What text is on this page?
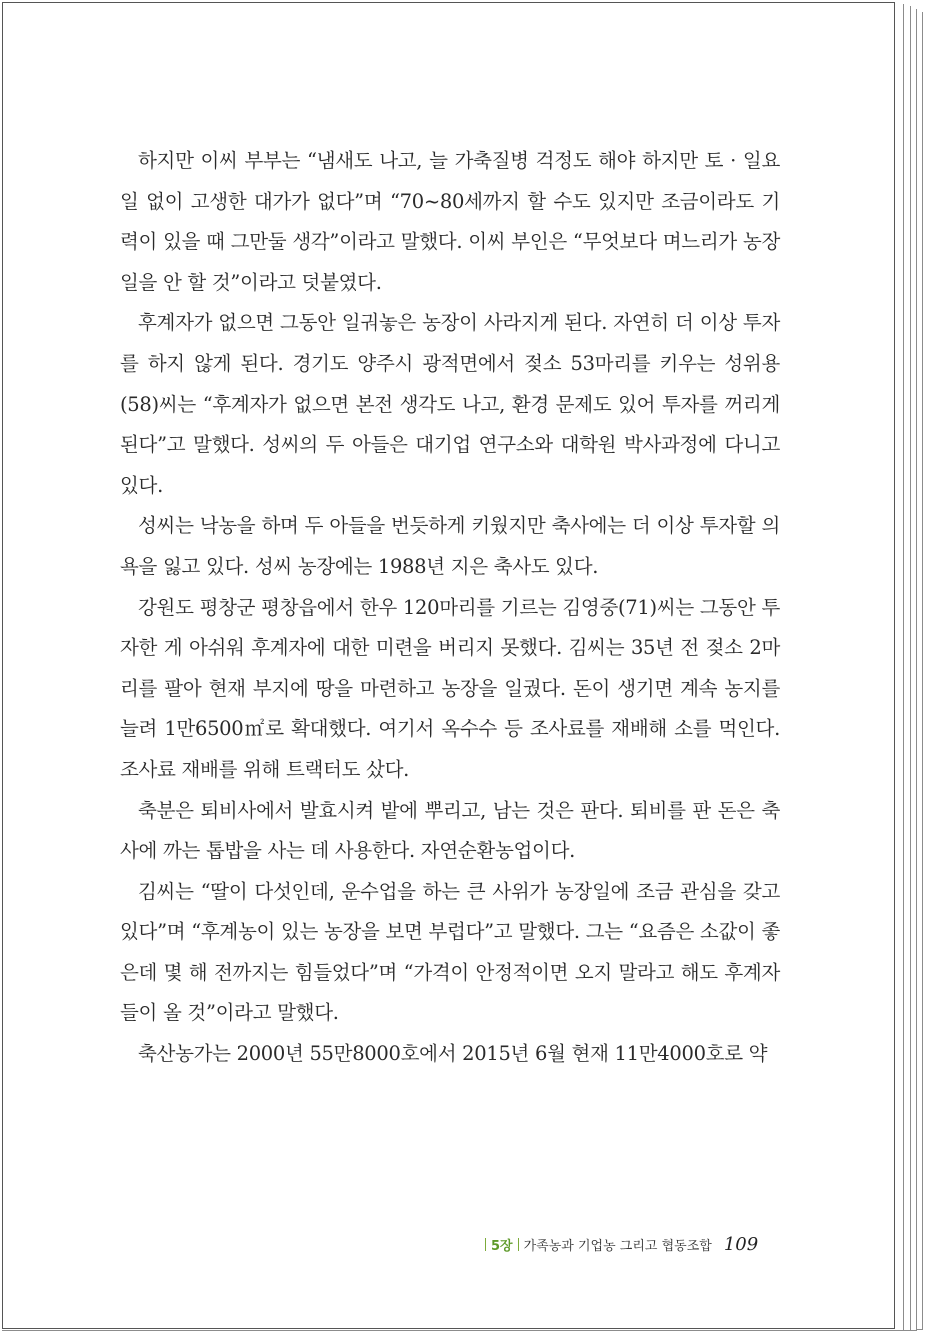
하지만 이씨 부부는 “냄새도 나고, 늘 가축질병 걱정도 해야 하지만 토 · 일요일 없이 고생한 대가가 없다”며 “70~80세까지 할 수도 있지만 조금이라도 기력이 있을 때 그만둘 생각”이라고 말했다. 이씨 부인은 “무엇보다 며느리가 농장 일을 안 할 것”이라고 덧붙였다.

후계자가 없으면 그동안 일궈놓은 농장이 사라지게 된다. 자연히 더 이상 투자를 하지 않게 된다. 경기도 양주시 광적면에서 젖소 53마리를 키우는 성위용(58)씨는 “후계자가 없으면 본전 생각도 나고, 환경 문제도 있어 투자를 꺼리게 된다”고 말했다. 성씨의 두 아들은 대기업 연구소와 대학원 박사과정에 다니고 있다.

성씨는 낙농을 하며 두 아들을 번듯하게 키웠지만 축사에는 더 이상 투자할 의욕을 잃고 있다. 성씨 농장에는 1988년 지은 축사도 있다.

강원도 평창군 평창읍에서 한우 120마리를 기르는 김영중(71)씨는 그동안 투자한 게 아쉬워 후계자에 대한 미련을 버리지 못했다. 김씨는 35년 전 젖소 2마리를 팔아 현재 부지에 땅을 마련하고 농장을 일궜다. 돈이 생기면 계속 농지를 늘려 1만6500㎡로 확대했다. 여기서 옥수수 등 조사료를 재배해 소를 먹인다. 조사료 재배를 위해 트랙터도 샀다.

축분은 퇴비사에서 발효시켜 밭에 뿌리고, 남는 것은 판다. 퇴비를 판 돈은 축사에 까는 톱밥을 사는 데 사용한다. 자연순환농업이다.

김씨는 “딸이 다섯인데, 운수업을 하는 큰 사위가 농장일에 조금 관심을 갖고 있다”며 “후계농이 있는 농장을 보면 부럽다”고 말했다. 그는 “요즘은 소값이 좋은데 몇 해 전까지는 힘들었다”며 “가격이 안정적이면 오지 말라고 해도 후계자들이 올 것”이라고 말했다.

축산농가는 2000년 55만8000호에서 2015년 6월 현재 11만4000호로 약

5장 가족농과 기업농 그리고 협동조합 109
